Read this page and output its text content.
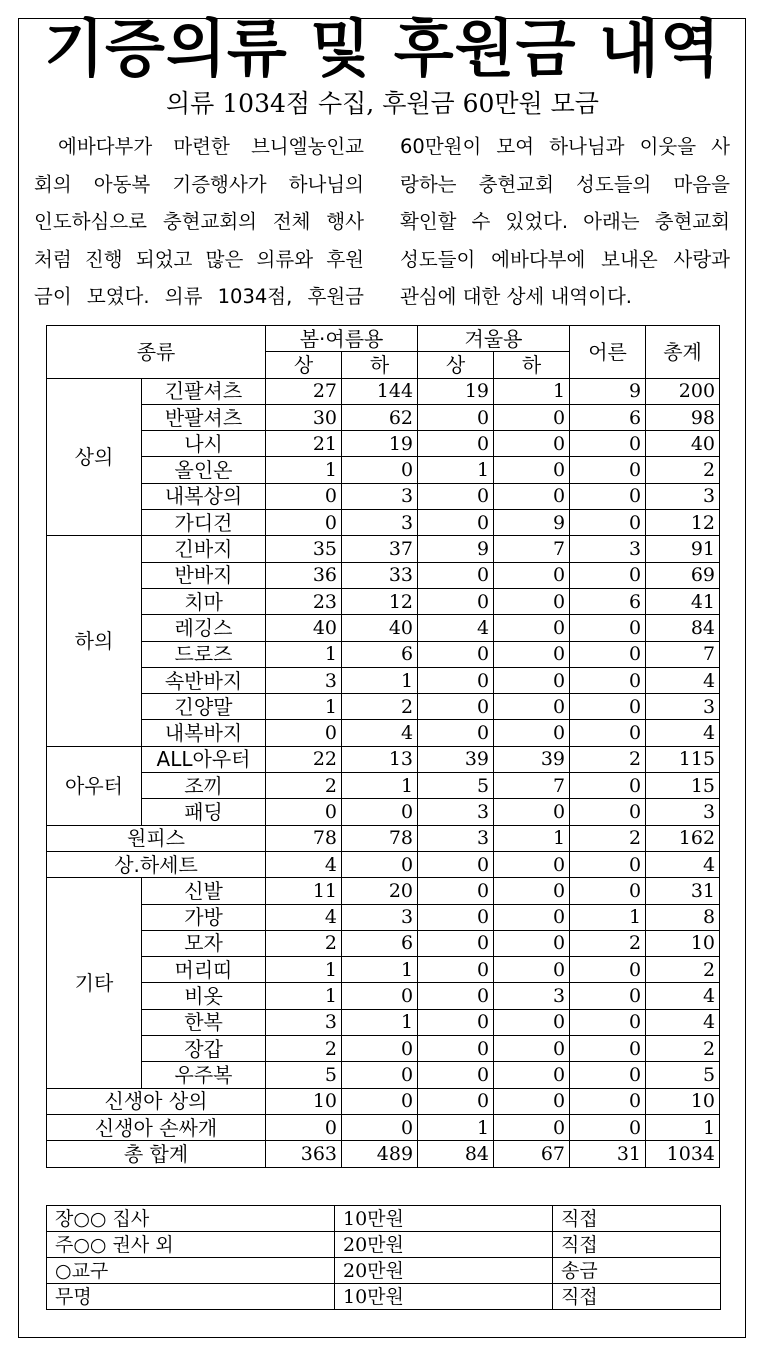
기증의류 및 후원금 내역
의류 1034점 수집, 후원금 60만원 모금

에바다부가 마련한 브니엘농인교

회의 아동복 기증행사가 하나님의

인도하심으로 충현교회의 전체 행사

처럼 진행 되었고 많은 의류와 후원

금이 모였다. 의류 1034점, 후원금

60만원이 모여 하나님과 이웃을 사

랑하는 충현교회 성도들의 마음을

확인할 수 있었다. 아래는 충현교회

성도들이 에바다부에 보내온 사랑과

관심에 대한 상세 내역이다.

종류		봄·여름용		겨울용		어른	총계
		상	하	상	하		
상의	긴팔셔츠	27	144	19	1	9	200
	반팔셔츠	30	62	0	0	6	98
	나시	21	19	0	0	0	40
	올인온	1	0	1	0	0	2
	내복상의	0	3	0	0	0	3
	가디건	0	3	0	9	0	12
하의	긴바지	35	37	9	7	3	91
	반바지	36	33	0	0	0	69
	치마	23	12	0	0	6	41
	레깅스	40	40	4	0	0	84
	드로즈	1	6	0	0	0	7
	속반바지	3	1	0	0	0	4
	긴양말	1	2	0	0	0	3
	내복바지	0	4	0	0	0	4
아우터	ALL아우터	22	13	39	39	2	115
	조끼	2	1	5	7	0	15
	패딩	0	0	3	0	0	3
원피스		78	78	3	1	2	162
상.하세트		4	0	0	0	0	4
기타	신발	11	20	0	0	0	31
	가방	4	3	0	0	1	8
	모자	2	6	0	0	2	10
	머리띠	1	1	0	0	0	2
	비옷	1	0	0	3	0	4
	한복	3	1	0	0	0	4
	장갑	2	0	0	0	0	2
	우주복	5	0	0	0	0	5
신생아 상의		10	0	0	0	0	10
신생아 손싸개		0	0	1	0	0	1
총 합계		363	489	84	67	31	1034
장○○ 집사	10만원	직접
주○○ 권사 외	20만원	직접
○교구	20만원	송금
무명	10만원	직접
